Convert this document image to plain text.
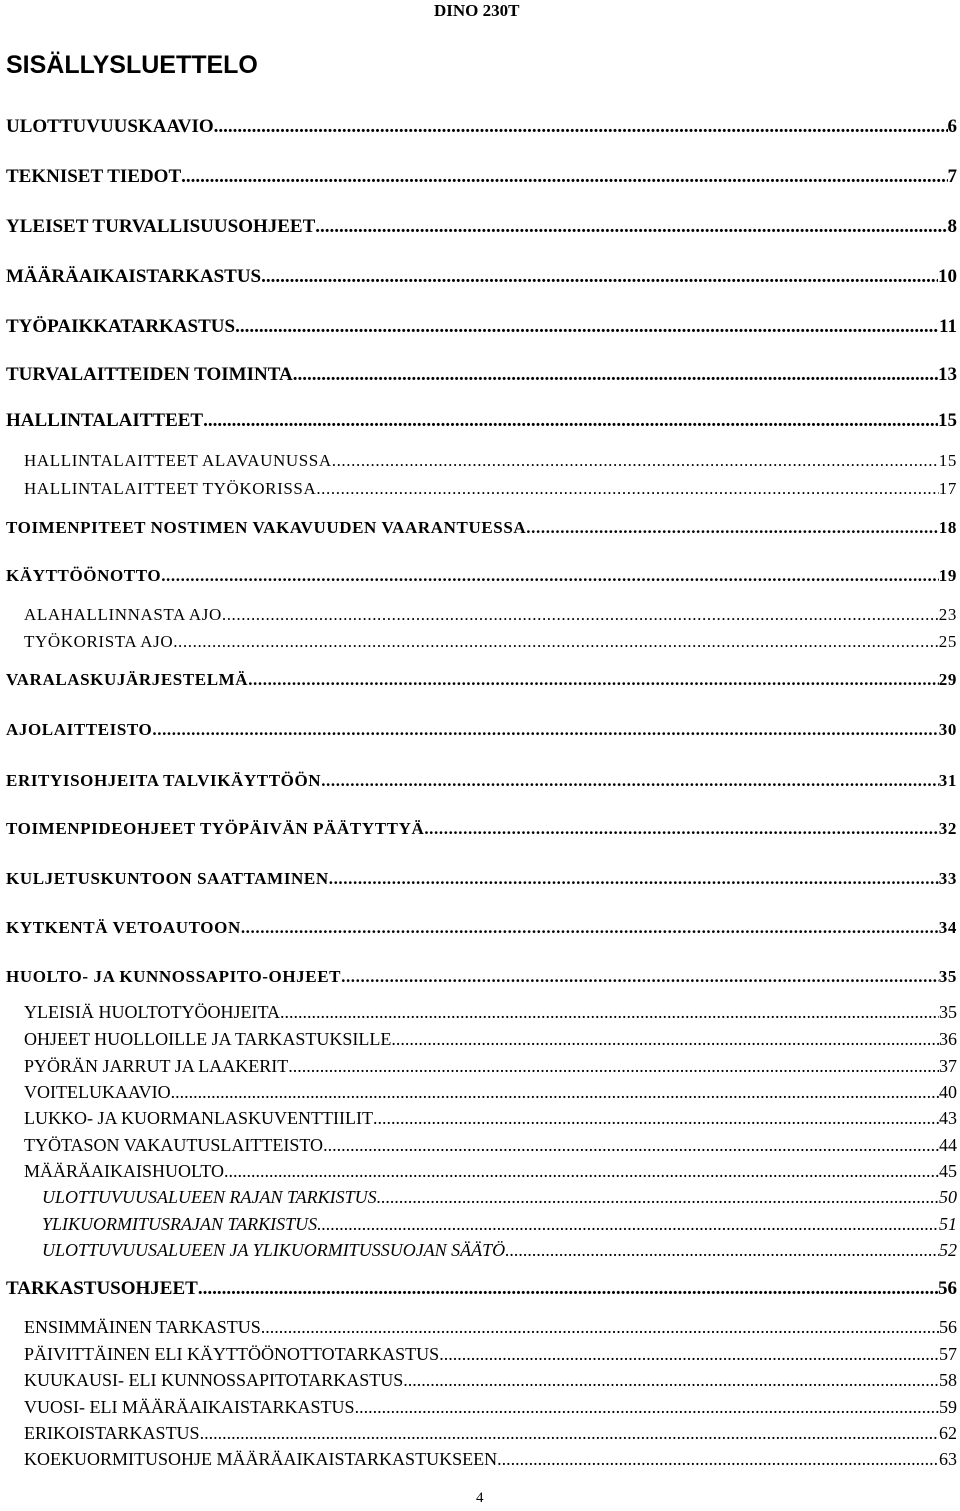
DINO 230T
SISÄLLYSLUETTELO
ULOTTUVUUSKAAVIO .....	6
TEKNISET TIEDOT .....	7
YLEISET TURVALLISUUSOHJEET .....	8
MÄÄRÄAIKAISTARKASTUS .....	10
TYÖPAIKKATARKASTUS .....	11
TURVALAITTEIDEN TOIMINTA .....	13
HALLINTALAITTEET .....	15
HALLINTALAITTEET ALAVAUNUSSA .....	15
HALLINTALAITTEET TYÖKORISSA .....	17
TOIMENPITEET NOSTIMEN VAKAVUUDEN VAARANTUESSA .....	18
KÄYTTÖÖNOTTO .....	19
ALAHALLINNASTA AJO .....	23
TYÖKORISTA AJO .....	25
VARALASKUJÄRJESTELMÄ .....	29
AJOLAITTEISTO .....	30
ERITYISOHJEITA TALVIKÄYTTÖÖN .....	31
TOIMENPIDEOHJEET TYÖPÄIVÄN PÄÄTYTTYÄ .....	32
KULJETUSKUNTOON SAATTAMINEN .....	33
KYTKENTÄ VETOAUTOON .....	34
HUOLTO- JA KUNNOSSAPITO-OHJEET .....	35
YLEISIÄ HUOLTOTYÖOHJEITA .....	35
OHJEET HUOLLOILLE JA TARKASTUKSILLE .....	36
PYÖRÄN JARRUT JA LAAKERIT .....	37
VOITELUKAAVIO .....	40
LUKKO- JA KUORMANLASKUVENTTIILIT .....	43
TYÖTASON VAKAUTUSLAITTEISTO .....	44
MÄÄRÄAIKAISHUOLTO .....	45
ULOTTUVUUSALUEEN RAJAN TARKISTUS .....	50
YLIKUORMITUSRAJAN TARKISTUS .....	51
ULOTTUVUUSALUEEN JA YLIKUORMITUSSUOJAN SÄÄTÖ .....	52
TARKASTUSOHJEET .....	56
ENSIMMÄINEN TARKASTUS .....	56
PÄIVITTÄINEN ELI KÄYTTÖÖNOTTOTARKASTUS .....	57
KUUKAUSI- ELI KUNNOSSAPITOTARKASTUS .....	58
VUOSI- ELI MÄÄRÄAIKAISTARKASTUS .....	59
ERIKOISTARKASTUS .....	62
KOEKUORMITUSOHJE MÄÄRÄAIKAISTARKASTUKSEEN .....	63
4
